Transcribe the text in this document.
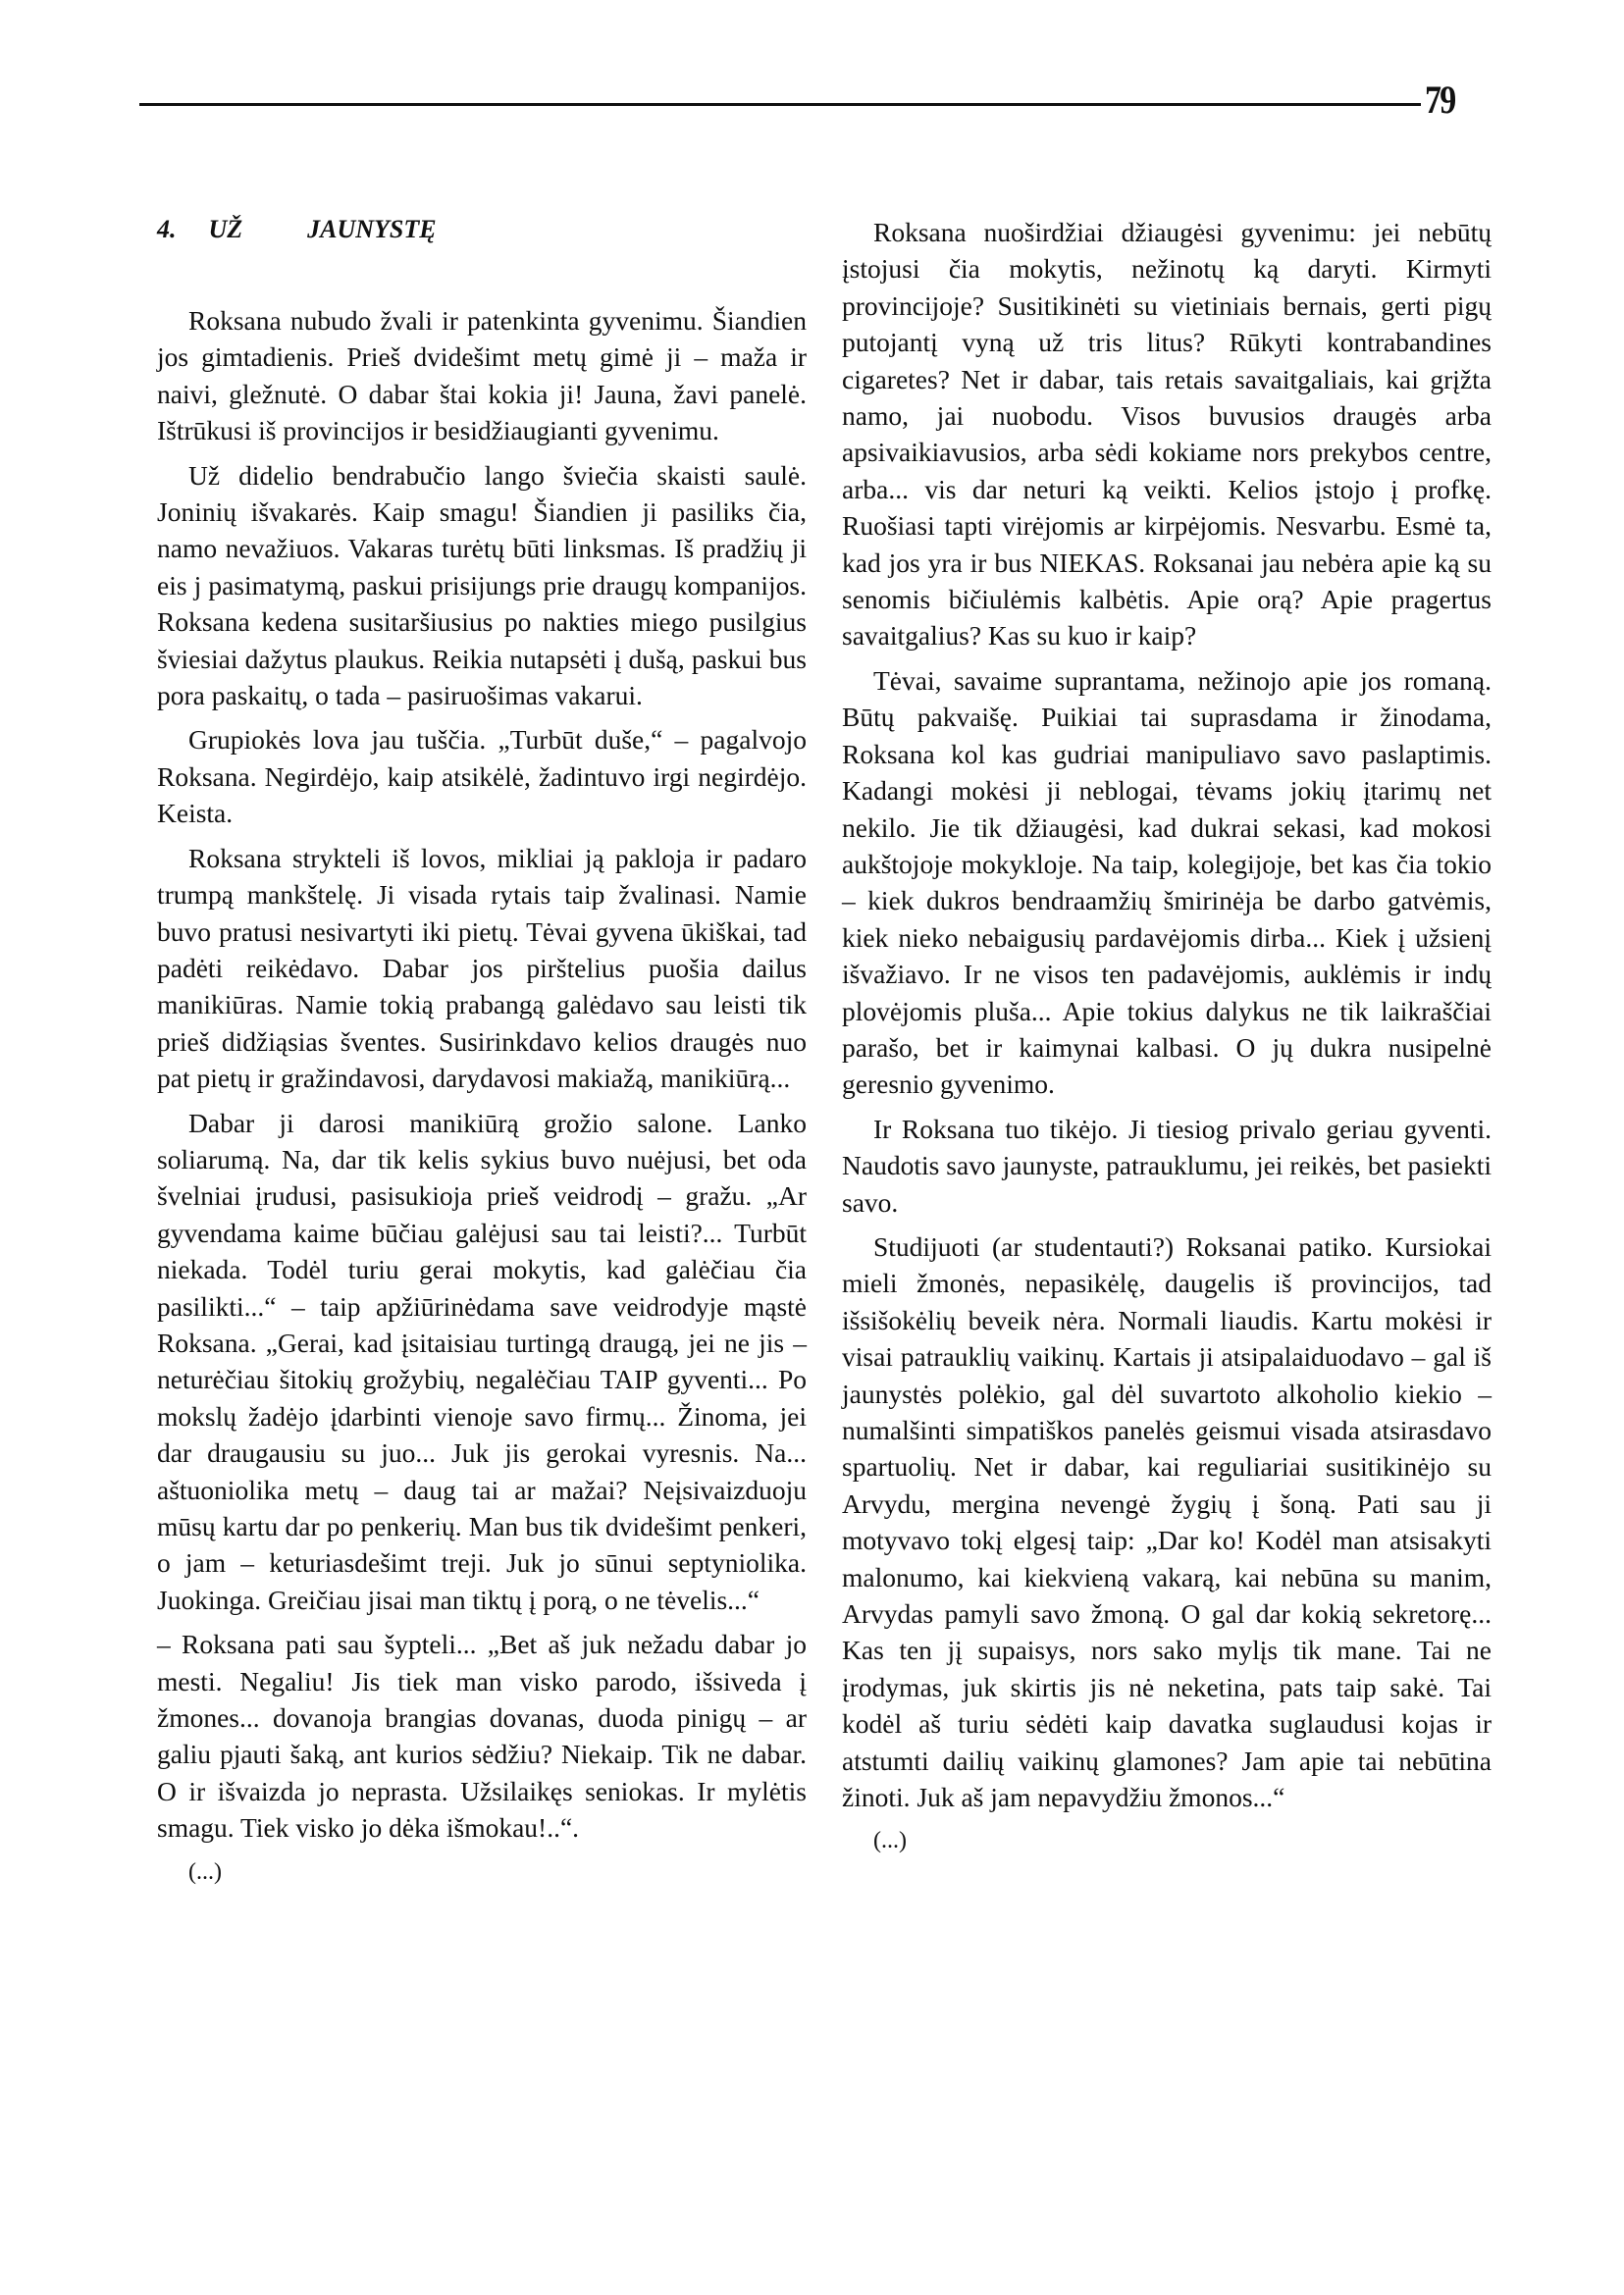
79
4.  UŽ    JAUNYSTĘ

Roksana nubudo žvali ir patenkinta gyvenimu. Šiandien jos gimtadienis. Prieš dvidešimt metų gimė ji – maža ir naivi, gležnutė. O dabar štai kokia ji! Jauna, žavi panelė. Ištrūkusi iš provincijos ir besidžiaugianti gyvenimu.

Už didelio bendrabučio lango šviečia skaisti saulė. Joninių išvakarės. Kaip smagu! Šiandien ji pasiliks čia, namo nevažiuos. Vakaras turėtų būti linksmas. Iš pradžių ji eis j pasimatymą, paskui prisijungs prie draugų kompanijos. Roksana kedena susitaršiusius po nakties miego pusilgius šviesiai dažytus plaukus. Reikia nutapsėti į dušą, paskui bus pora paskaitų, o tada – pasiruošimas vakarui.

Grupiokės lova jau tuščia. „Turbūt duše,“ – pagalvojo Roksana. Negirdėjo, kaip atsikėlė, žadintuvo irgi negirdėjo. Keista.

Roksana strykteli iš lovos, mikliai ją pakloja ir padaro trumpą mankštelę. Ji visada rytais taip žvalinasi. Namie buvo pratusi nesivartyti iki pietų. Tėvai gyvena ūkiškai, tad padėti reikėdavo. Dabar jos pirštelius puošia dailus manikiūras. Namie tokią prabangą galėdavo sau leisti tik prieš didžiąsias šventes. Susirinkdavo kelios draugės nuo pat pietų ir gražindavosi, darydavosi makiažą, manikiūrą...

Dabar ji darosi manikiūrą grožio salone. Lanko soliarumą. Na, dar tik kelis sykius buvo nuėjusi, bet oda švelniai įrudusi, pasisukioja prieš veidrodį – gražu. „Ar gyvendama kaime būčiau galėjusi sau tai leisti?... Turbūt niekada. Todėl turiu gerai mokytis, kad galėčiau čia pasilikti...“ – taip apžiūrinėdama save veidrodyje mąstė Roksana. „Gerai, kad įsitaisiau turtingą draugą, jei ne jis – neturėčiau šitokių grožybių, negalėčiau TAIP gyventi... Po mokslų žadėjo įdarbinti vienoje savo firmų... Žinoma, jei dar draugausiu su juo... Juk jis gerokai vyresnis. Na... aštuoniolika metų – daug tai ar mažai? Neįsivaizduoju mūsų kartu dar po penkerių. Man bus tik dvidešimt penkeri, o jam – keturiasdešimt treji. Juk jo sūnui septyniolika. Juokinga. Greičiau jisai man tiktų į porą, o ne tėvelis...“

– Roksana pati sau šypteli... „Bet aš juk nežadu dabar jo mesti. Negaliu! Jis tiek man visko parodo, išsiveda į žmones... dovanoja brangias dovanas, duoda pinigų – ar galiu pjauti šaką, ant kurios sėdžiu? Niekaip. Tik ne dabar. O ir išvaizda jo neprasta. Užsilaikęs seniokas. Ir mylėtis smagu. Tiek visko jo dėka išmokau!..“.

(...)

Roksana nuoširdžiai džiaugėsi gyvenimu: jei nebūtų įstojusi čia mokytis, nežinotų ką daryti. Kirmyti provincijoje? Susitikinėti su vietiniais bernais, gerti pigų putojantį vyną už tris litus? Rūkyti kontrabandines cigaretes? Net ir dabar, tais retais savaitgaliais, kai grįžta namo, jai nuobodu. Visos buvusios draugės arba apsivaikiavusios, arba sėdi kokiame nors prekybos centre, arba... vis dar neturi ką veikti. Kelios įstojo į profkę. Ruošiasi tapti virėjomis ar kirpėjomis. Nesvarbu. Esmė ta, kad jos yra ir bus NIEKAS. Roksanai jau nebėra apie ką su senomis bičiulėmis kalbėtis. Apie orą? Apie pragertus savaitgalius? Kas su kuo ir kaip?

Tėvai, savaime suprantama, nežinojo apie jos romaną. Būtų pakvaišę. Puikiai tai suprasdama ir žinodama, Roksana kol kas gudriai manipuliavo savo paslaptimis. Kadangi mokėsi ji neblogai, tėvams jokių įtarimų net nekilo. Jie tik džiaugėsi, kad dukrai sekasi, kad mokosi aukštojoje mokykloje. Na taip, kolegijoje, bet kas čia tokio – kiek dukros bendraamžių šmirinėja be darbo gatvėmis, kiek nieko nebaigusių pardavėjomis dirba... Kiek į užsienį išvažiavo. Ir ne visos ten padavėjomis, auklėmis ir indų plovėjomis pluša... Apie tokius dalykus ne tik laikraščiai parašo, bet ir kaimynai kalbasi. O jų dukra nusipelnė geresnio gyvenimo.

Ir Roksana tuo tikėjo. Ji tiesiog privalo geriau gyventi. Naudotis savo jaunyste, patrauklumu, jei reikės, bet pasiekti savo.

Studijuoti (ar studentauti?) Roksanai patiko. Kursiokai mieli žmonės, nepasikėlę, daugelis iš provincijos, tad išsišokėlių beveik nėra. Normali liaudis. Kartu mokėsi ir visai patrauklių vaikinų. Kartais ji atsipalaiduodavo – gal iš jaunystės polėkio, gal dėl suvartoto alkoholio kiekio – numalšinti simpatiškos panelės geismui visada atsirasdavo spartuolių. Net ir dabar, kai reguliariai susitikinėjo su Arvydu, mergina nevengė žygių į šoną. Pati sau ji motyvavo tokį elgesį taip: „Dar ko! Kodėl man atsisakyti malonumo, kai kiekvieną vakarą, kai nebūna su manim, Arvydas pamyli savo žmoną. O gal dar kokią sekretorę... Kas ten jį supaisys, nors sako mylįs tik mane. Tai ne įrodymas, juk skirtis jis nė neketina, pats taip sakė. Tai kodėl aš turiu sėdėti kaip davatka suglaudusi kojas ir atstumti dailių vaikinų glamones? Jam apie tai nebūtina žinoti. Juk aš jam nepavydžiu žmonos...“

(...)
